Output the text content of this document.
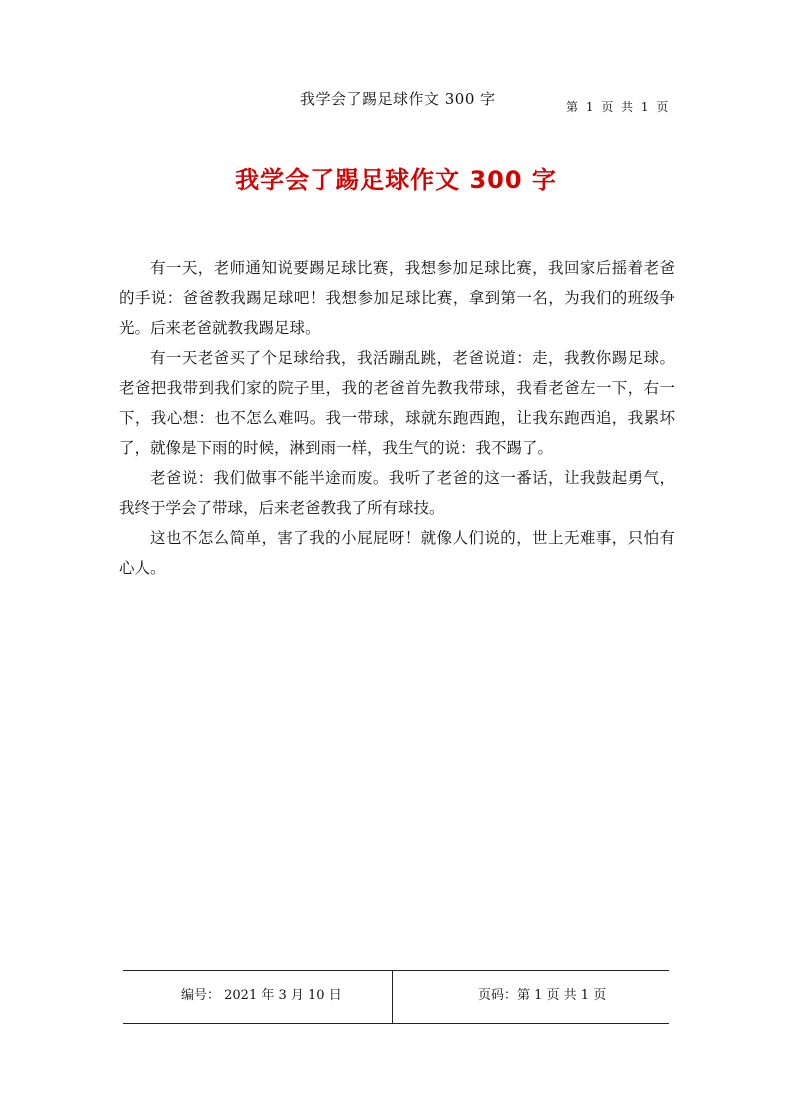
我学会了踢足球作文 300 字	第 1 页 共 1 页
我学会了踢足球作文 300 字

有一天，老师通知说要踢足球比赛，我想参加足球比赛，我回家后摇着老爸的手说：爸爸教我踢足球吧！我想参加足球比赛，拿到第一名，为我们的班级争光。后来老爸就教我踢足球。

有一天老爸买了个足球给我，我活蹦乱跳，老爸说道：走，我教你踢足球。老爸把我带到我们家的院子里，我的老爸首先教我带球，我看老爸左一下，右一下，我心想：也不怎么难吗。我一带球，球就东跑西跑，让我东跑西追，我累坏了，就像是下雨的时候，淋到雨一样，我生气的说：我不踢了。

老爸说：我们做事不能半途而废。我听了老爸的这一番话，让我鼓起勇气，我终于学会了带球，后来老爸教我了所有球技。

这也不怎么简单，害了我的小屁屁呀！就像人们说的，世上无难事，只怕有心人。

编号： 2021 年 3 月 10 日	页码：第 1 页 共 1 页
